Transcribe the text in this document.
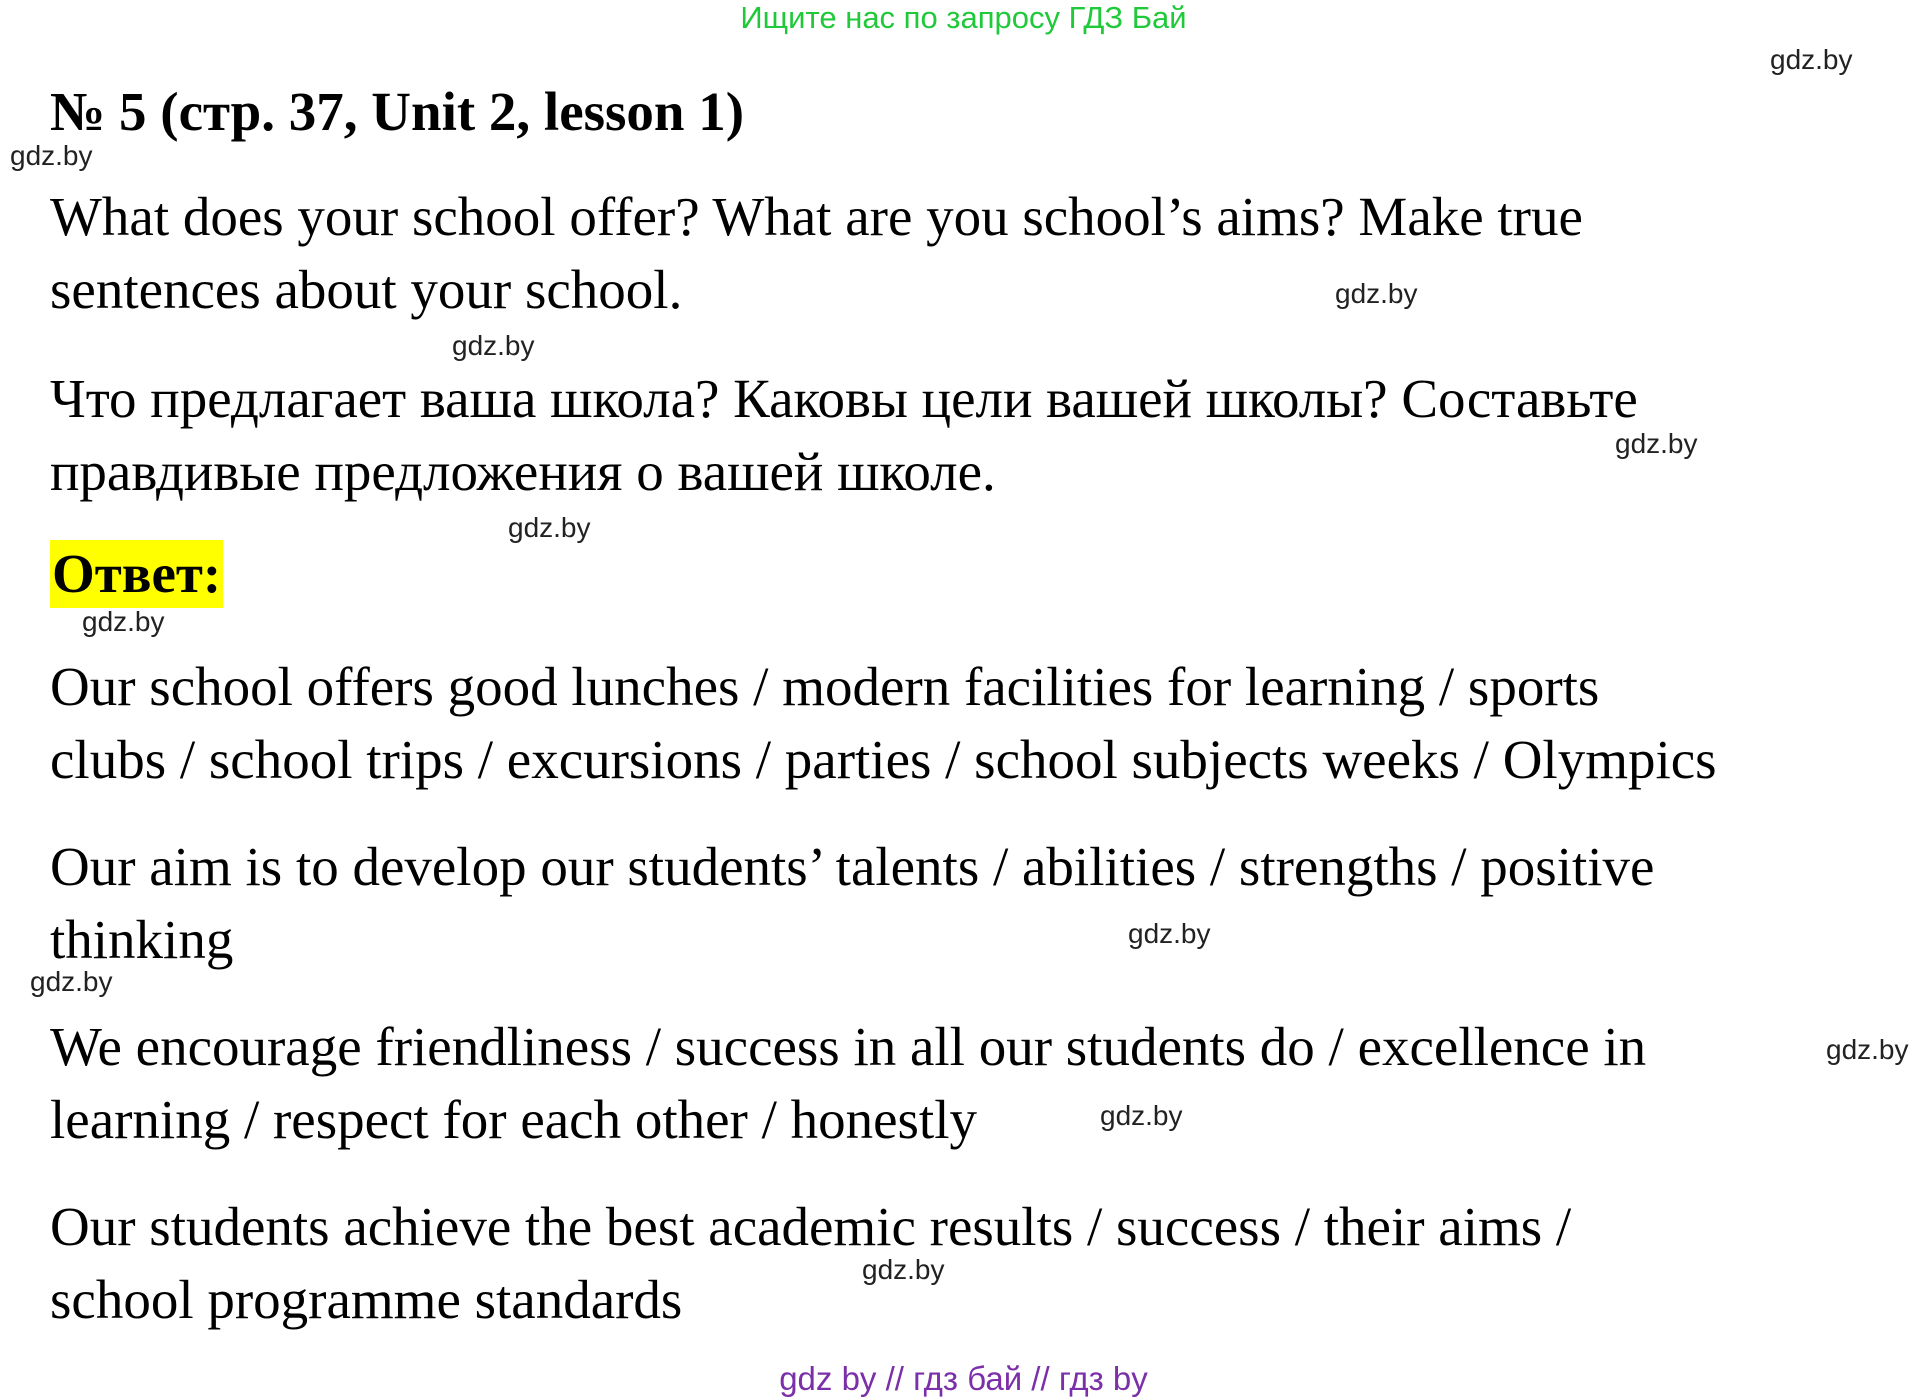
Ищите нас по запросу ГДЗ Бай
gdz.by
№ 5 (стр. 37, Unit 2, lesson 1)
gdz.by
What does your school offer? What are you school’s aims? Make true
sentences about your school.	gdz.by
gdz.by
Что предлагает ваша школа? Каковы цели вашей школы? Составьте
правдивые предложения о вашей школе.	gdz.by
gdz.by
Ответ:
gdz.by
Our school offers good lunches / modern facilities for learning / sports
clubs / school trips / excursions / parties / school subjects weeks / Olympics
Our aim is to develop our students’ talents / abilities / strengths / positive
thinking	gdz.by
gdz.by
We encourage friendliness / success in all our students do / excellence in
learning / respect for each other / honestly
gdz.by
gdz.by
Our students achieve the best academic results / success / their aims /
school programme standards	gdz.by
gdz by // гдз бай // гдз by
